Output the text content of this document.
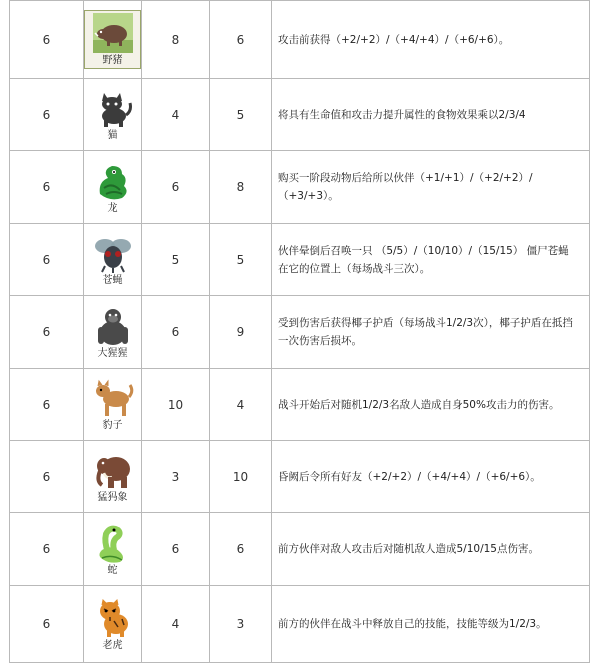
6	野猪	8	6	攻击前获得（+2/+2）/（+4/+4）/（+6/+6）。
6	猫	4	5	将具有生命值和攻击力提升属性的食物效果乘以2/3/4
6	龙	6	8	购买一阶段动物后给所以伙伴（+1/+1）/（+2/+2）/（+3/+3）。
6	苍蝇	5	5	伙伴晕倒后召唤一只 （5/5）/（10/10）/（15/15） 僵尸苍蝇在它的位置上（每场战斗三次）。
6	大猩猩	6	9	受到伤害后获得椰子护盾（每场战斗1/2/3次），椰子护盾在抵挡一次伤害后损坏。
6	豹子	10	4	战斗开始后对随机1/2/3名敌人造成自身50%攻击力的伤害。
6	猛犸象	3	10	昏阙后令所有好友（+2/+2）/（+4/+4）/（+6/+6）。
6	蛇	6	6	前方伙伴对敌人攻击后对随机敌人造成5/10/15点伤害。
6	老虎	4	3	前方的伙伴在战斗中释放自己的技能，技能等级为1/2/3。
